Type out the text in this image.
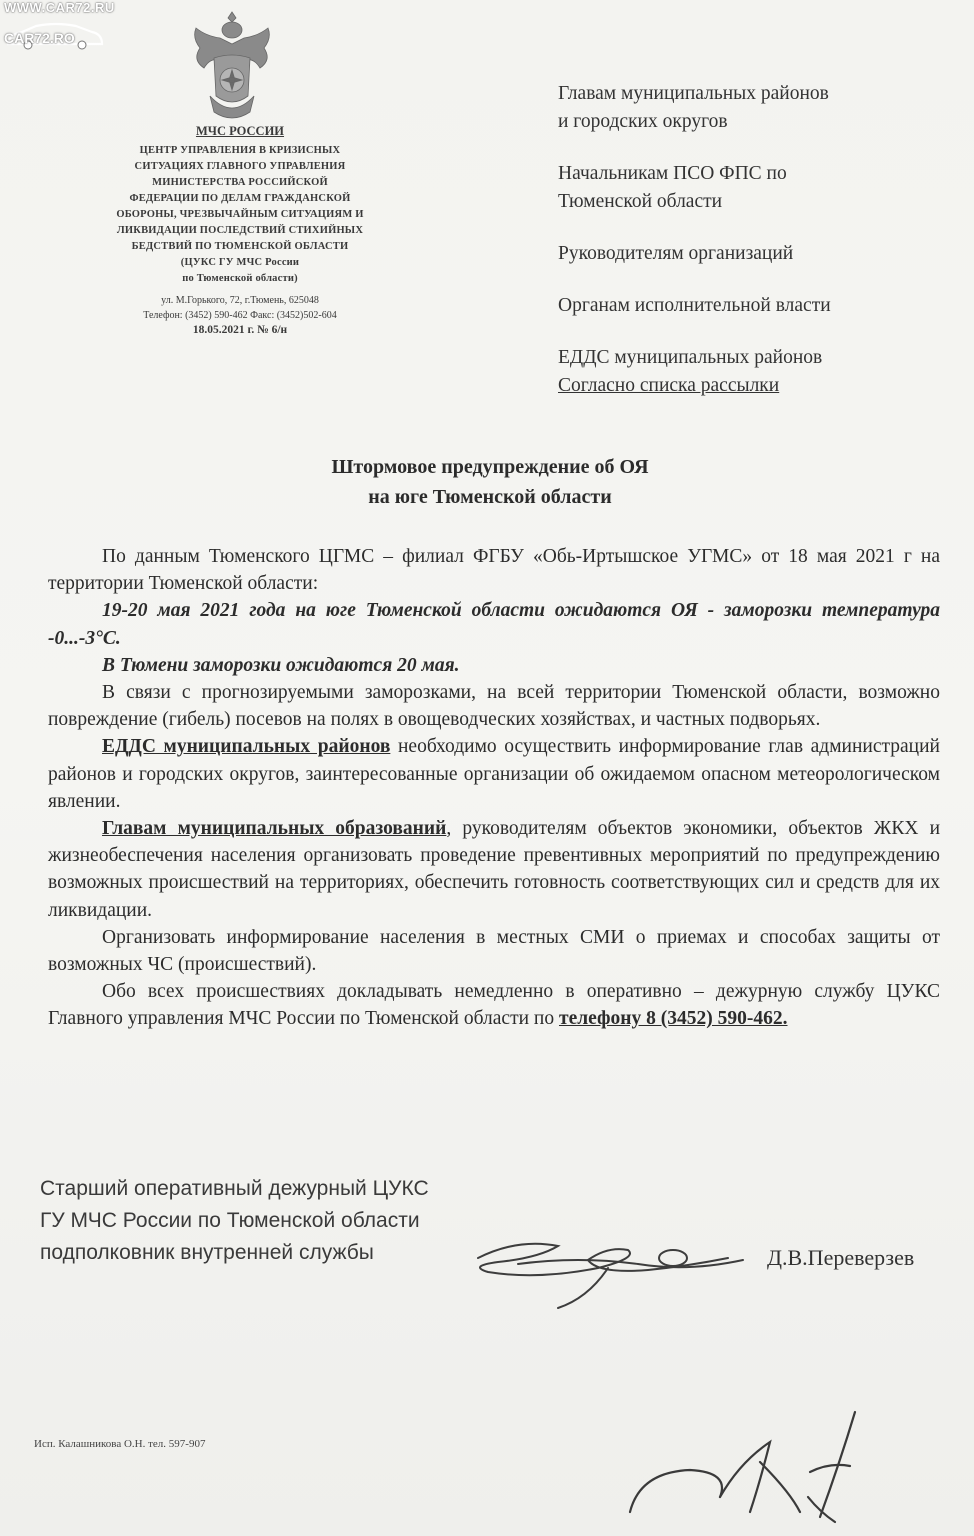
WWW.CAR72.RU
CAR72.RO
МЧС РОССИИ
ЦЕНТР УПРАВЛЕНИЯ В КРИЗИСНЫХ
СИТУАЦИЯХ ГЛАВНОГО УПРАВЛЕНИЯ
МИНИСТЕРСТВА РОССИЙСКОЙ
ФЕДЕРАЦИИ ПО ДЕЛАМ ГРАЖДАНСКОЙ
ОБОРОНЫ, ЧРЕЗВЫЧАЙНЫМ СИТУАЦИЯМ И
ЛИКВИДАЦИИ ПОСЛЕДСТВИЙ СТИХИЙНЫХ
БЕДСТВИЙ ПО ТЮМЕНСКОЙ ОБЛАСТИ
(ЦУКС ГУ МЧС России
по Тюменской области)
ул. М.Горького, 72, г.Тюмень, 625048
Телефон: (3452) 590-462 Факс: (3452)502-604
18.05.2021 г. № 6/н
Главам муниципальных районов
и городских округов
Начальникам ПСО ФПС по
Тюменской области
Руководителям организаций
Органам исполнительной власти
ЕДДС муниципальных районов
Согласно списка рассылки
Штормовое предупреждение об ОЯ
на юге Тюменской области

По данным Тюменского ЦГМС – филиал ФГБУ «Обь-Иртышское УГМС» от 18 мая 2021 г на территории Тюменской области:

19-20 мая 2021 года на юге Тюменской области ожидаются ОЯ - заморозки температура -0...-3°С.

В Тюмени заморозки ожидаются 20 мая.

В связи с прогнозируемыми заморозками, на всей территории Тюменской области, возможно повреждение (гибель) посевов на полях в овощеводческих хозяйствах, и частных подворьях.

ЕДДС муниципальных районов необходимо осуществить информирование глав администраций районов и городских округов, заинтересованные организации об ожидаемом опасном метеорологическом явлении.

Главам муниципальных образований, руководителям объектов экономики, объектов ЖКХ и жизнеобеспечения населения организовать проведение превентивных мероприятий по предупреждению возможных происшествий на территориях, обеспечить готовность соответствующих сил и средств для их ликвидации.

Организовать информирование населения в местных СМИ о приемах и способах защиты от возможных ЧС (происшествий).

Обо всех происшествиях докладывать немедленно в оперативно – дежурную службу ЦУКС Главного управления МЧС России по Тюменской области по телефону 8 (3452) 590-462.

Старший оперативный дежурный ЦУКС
ГУ МЧС России по Тюменской области
подполковник внутренней службы	Д.В.Переверзев
Исп. Калашникова О.Н. тел. 597-907
